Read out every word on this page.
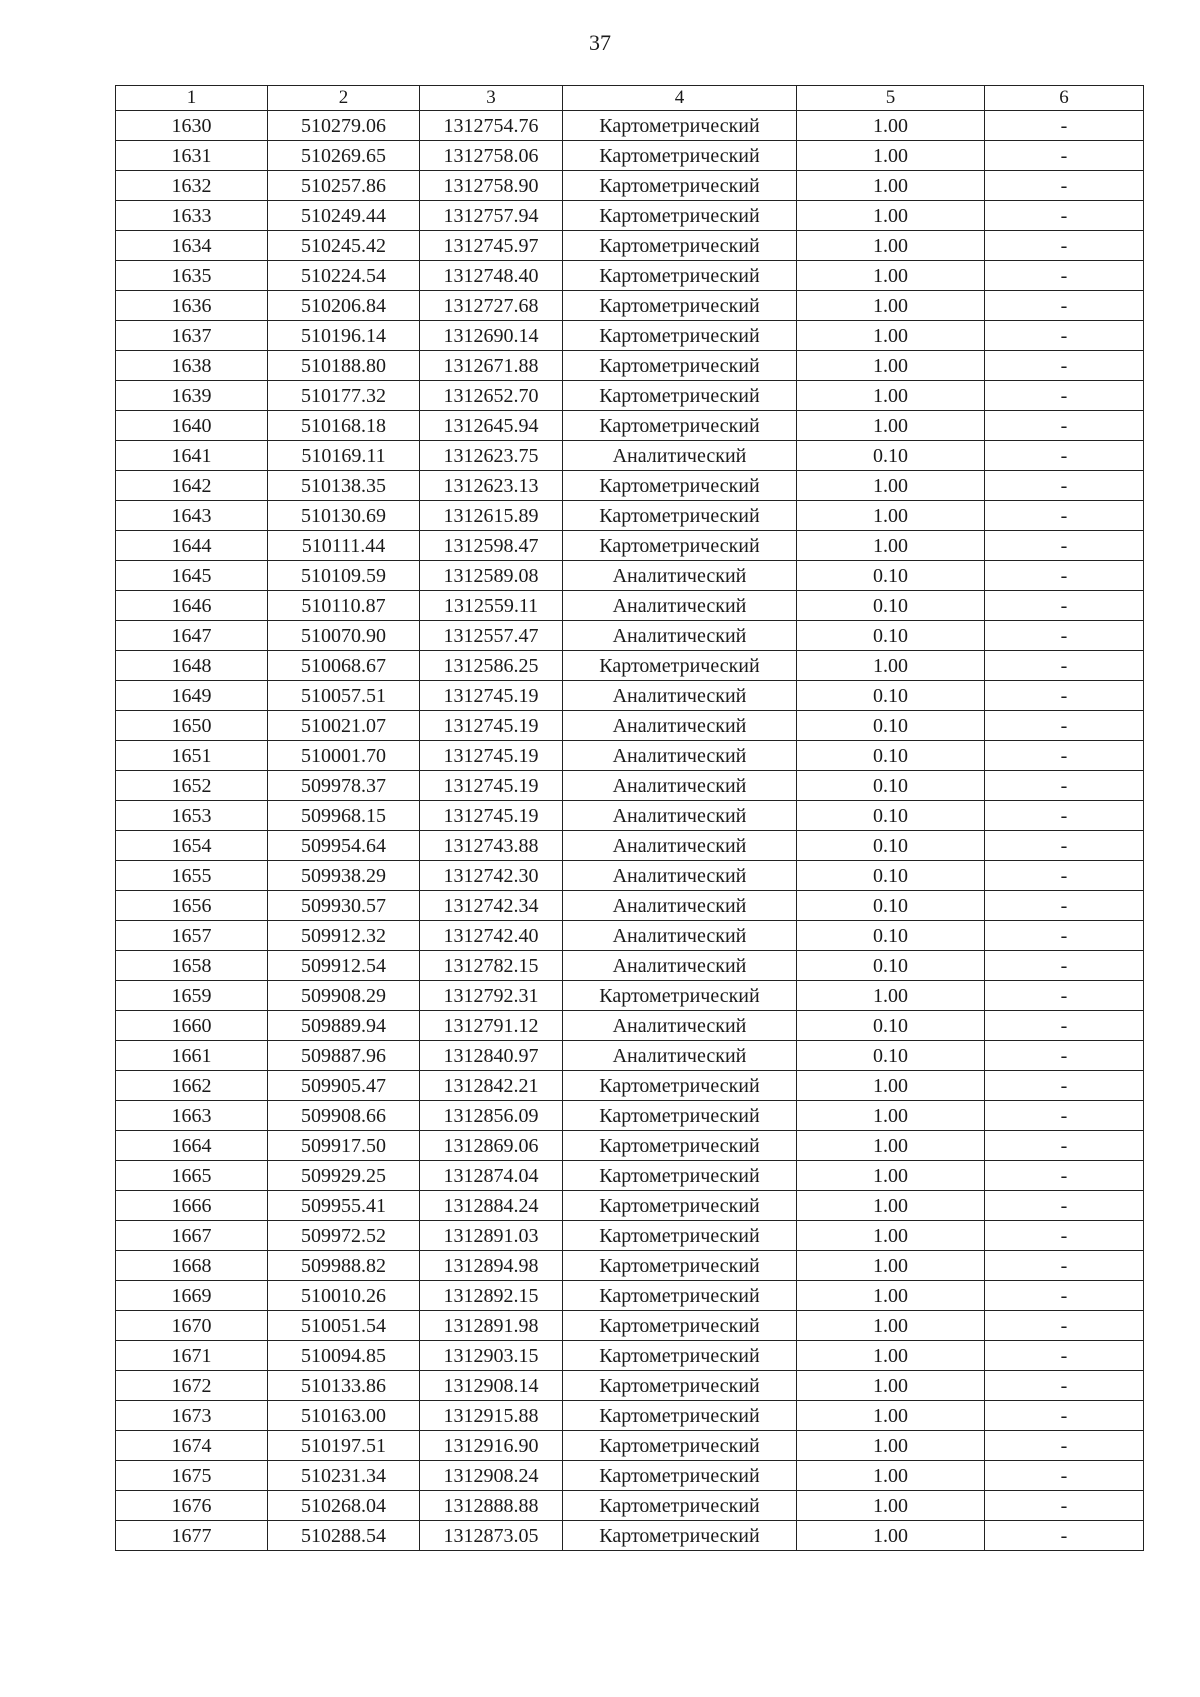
37
1	2	3	4	5	6
1630	510279.06	1312754.76	Картометрический	1.00	-
1631	510269.65	1312758.06	Картометрический	1.00	-
1632	510257.86	1312758.90	Картометрический	1.00	-
1633	510249.44	1312757.94	Картометрический	1.00	-
1634	510245.42	1312745.97	Картометрический	1.00	-
1635	510224.54	1312748.40	Картометрический	1.00	-
1636	510206.84	1312727.68	Картометрический	1.00	-
1637	510196.14	1312690.14	Картометрический	1.00	-
1638	510188.80	1312671.88	Картометрический	1.00	-
1639	510177.32	1312652.70	Картометрический	1.00	-
1640	510168.18	1312645.94	Картометрический	1.00	-
1641	510169.11	1312623.75	Аналитический	0.10	-
1642	510138.35	1312623.13	Картометрический	1.00	-
1643	510130.69	1312615.89	Картометрический	1.00	-
1644	510111.44	1312598.47	Картометрический	1.00	-
1645	510109.59	1312589.08	Аналитический	0.10	-
1646	510110.87	1312559.11	Аналитический	0.10	-
1647	510070.90	1312557.47	Аналитический	0.10	-
1648	510068.67	1312586.25	Картометрический	1.00	-
1649	510057.51	1312745.19	Аналитический	0.10	-
1650	510021.07	1312745.19	Аналитический	0.10	-
1651	510001.70	1312745.19	Аналитический	0.10	-
1652	509978.37	1312745.19	Аналитический	0.10	-
1653	509968.15	1312745.19	Аналитический	0.10	-
1654	509954.64	1312743.88	Аналитический	0.10	-
1655	509938.29	1312742.30	Аналитический	0.10	-
1656	509930.57	1312742.34	Аналитический	0.10	-
1657	509912.32	1312742.40	Аналитический	0.10	-
1658	509912.54	1312782.15	Аналитический	0.10	-
1659	509908.29	1312792.31	Картометрический	1.00	-
1660	509889.94	1312791.12	Аналитический	0.10	-
1661	509887.96	1312840.97	Аналитический	0.10	-
1662	509905.47	1312842.21	Картометрический	1.00	-
1663	509908.66	1312856.09	Картометрический	1.00	-
1664	509917.50	1312869.06	Картометрический	1.00	-
1665	509929.25	1312874.04	Картометрический	1.00	-
1666	509955.41	1312884.24	Картометрический	1.00	-
1667	509972.52	1312891.03	Картометрический	1.00	-
1668	509988.82	1312894.98	Картометрический	1.00	-
1669	510010.26	1312892.15	Картометрический	1.00	-
1670	510051.54	1312891.98	Картометрический	1.00	-
1671	510094.85	1312903.15	Картометрический	1.00	-
1672	510133.86	1312908.14	Картометрический	1.00	-
1673	510163.00	1312915.88	Картометрический	1.00	-
1674	510197.51	1312916.90	Картометрический	1.00	-
1675	510231.34	1312908.24	Картометрический	1.00	-
1676	510268.04	1312888.88	Картометрический	1.00	-
1677	510288.54	1312873.05	Картометрический	1.00	-
